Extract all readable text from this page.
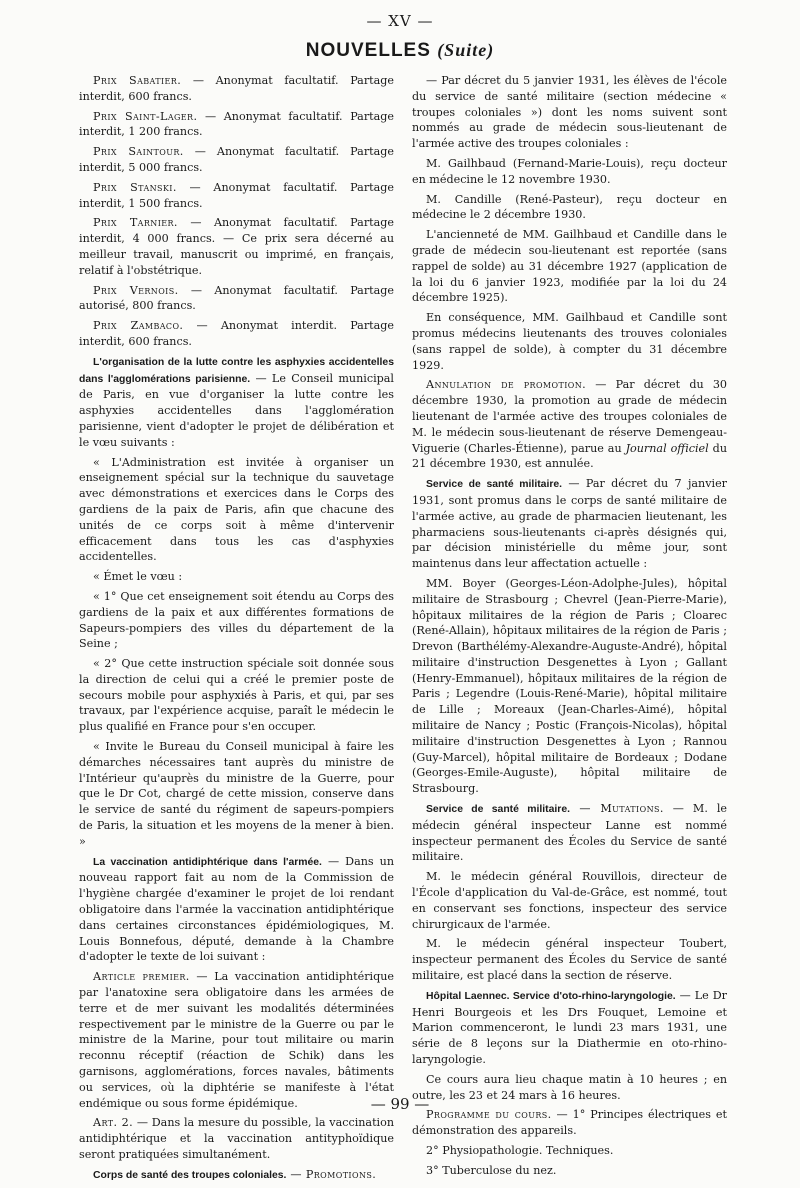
— XV —
NOUVELLES (Suite)

Prix Sabatier. — Anonymat facultatif. Partage interdit, 600 francs.

Prix Saint-Lager. — Anonymat facultatif. Partage interdit, 1 200 francs.

Prix Saintour. — Anonymat facultatif. Partage interdit, 5 000 francs.

Prix Stanski. — Anonymat facultatif. Partage interdit, 1 500 francs.

Prix Tarnier. — Anonymat facultatif. Partage interdit, 4 000 francs. — Ce prix sera décerné au meilleur travail, manuscrit ou imprimé, en français, relatif à l'obstétrique.

Prix Vernois. — Anonymat facultatif. Partage autorisé, 800 francs.

Prix Zambaco. — Anonymat interdit. Partage interdit, 600 francs.

L'organisation de la lutte contre les asphyxies accidentelles dans l'agglomérations parisienne. — Le Conseil municipal de Paris, en vue d'organiser la lutte contre les asphyxies accidentelles dans l'agglomération parisienne, vient d'adopter le projet de délibération et le vœu suivants :

« L'Administration est invitée à organiser un enseignement spécial sur la technique du sauvetage avec démonstrations et exercices dans le Corps des gardiens de la paix de Paris, afin que chacune des unités de ce corps soit à même d'intervenir efficacement dans tous les cas d'asphyxies accidentelles.

« Émet le vœu :

« 1° Que cet enseignement soit étendu au Corps des gardiens de la paix et aux différentes formations de Sapeurs-pompiers des villes du département de la Seine ;

« 2° Que cette instruction spéciale soit donnée sous la direction de celui qui a créé le premier poste de secours mobile pour asphyxiés à Paris, et qui, par ses travaux, par l'expérience acquise, paraît le médecin le plus qualifié en France pour s'en occuper.

« Invite le Bureau du Conseil municipal à faire les démarches nécessaires tant auprès du ministre de l'Intérieur qu'auprès du ministre de la Guerre, pour que le Dr Cot, chargé de cette mission, conserve dans le service de santé du régiment de sapeurs-pompiers de Paris, la situation et les moyens de la mener à bien. »

La vaccination antidiphtérique dans l'armée. — Dans un nouveau rapport fait au nom de la Commission de l'hygiène chargée d'examiner le projet de loi rendant obligatoire dans l'armée la vaccination antidiphtérique dans certaines circonstances épidémiologiques, M. Louis Bonnefous, député, demande à la Chambre d'adopter le texte de loi suivant :

Article premier. — La vaccination antidiphtérique par l'anatoxine sera obligatoire dans les armées de terre et de mer suivant les modalités déterminées respectivement par le ministre de la Guerre ou par le ministre de la Marine, pour tout militaire ou marin reconnu réceptif (réaction de Schik) dans les garnisons, agglomérations, forces navales, bâtiments ou services, où la diphtérie se manifeste à l'état endémique ou sous forme épidémique.

Art. 2. — Dans la mesure du possible, la vaccination antidiphtérique et la vaccination antityphoïdique seront pratiquées simultanément.

Corps de santé des troupes coloniales. — Promotions.

— Par décret du 5 janvier 1931, les élèves de l'école du service de santé militaire (section médecine « troupes coloniales ») dont les noms suivent sont nommés au grade de médecin sous-lieutenant de l'armée active des troupes coloniales :

M. Gailhbaud (Fernand-Marie-Louis), reçu docteur en médecine le 12 novembre 1930.

M. Candille (René-Pasteur), reçu docteur en médecine le 2 décembre 1930.

L'ancienneté de MM. Gailhbaud et Candille dans le grade de médecin sou-lieutenant est reportée (sans rappel de solde) au 31 décembre 1927 (application de la loi du 6 janvier 1923, modifiée par la loi du 24 décembre 1925).

En conséquence, MM. Gailhbaud et Candille sont promus médecins lieutenants des trouves coloniales (sans rappel de solde), à compter du 31 décembre 1929.

Annulation de promotion. — Par décret du 30 décembre 1930, la promotion au grade de médecin lieutenant de l'armée active des troupes coloniales de M. le médecin sous-lieutenant de réserve Demengeau-Viguerie (Charles-Étienne), parue au Journal officiel du 21 décembre 1930, est annulée.

Service de santé militaire. — Par décret du 7 janvier 1931, sont promus dans le corps de santé militaire de l'armée active, au grade de pharmacien lieutenant, les pharmaciens sous-lieutenants ci-après désignés qui, par décision ministérielle du même jour, sont maintenus dans leur affectation actuelle :

MM. Boyer (Georges-Léon-Adolphe-Jules), hôpital militaire de Strasbourg ; Chevrel (Jean-Pierre-Marie), hôpitaux militaires de la région de Paris ; Cloarec (René-Allain), hôpitaux militaires de la région de Paris ; Drevon (Barthélémy-Alexandre-Auguste-André), hôpital militaire d'instruction Desgenettes à Lyon ; Gallant (Henry-Emmanuel), hôpitaux militaires de la région de Paris ; Legendre (Louis-René-Marie), hôpital militaire de Lille ; Moreaux (Jean-Charles-Aimé), hôpital militaire de Nancy ; Postic (François-Nicolas), hôpital militaire d'instruction Desgenettes à Lyon ; Rannou (Guy-Marcel), hôpital militaire de Bordeaux ; Dodane (Georges-Emile-Auguste), hôpital militaire de Strasbourg.

Service de santé militaire. — Mutations. — M. le médecin général inspecteur Lanne est nommé inspecteur permanent des Écoles du Service de santé militaire.

M. le médecin général Rouvillois, directeur de l'École d'application du Val-de-Grâce, est nommé, tout en conservant ses fonctions, inspecteur des service chirurgicaux de l'armée.

M. le médecin général inspecteur Toubert, inspecteur permanent des Écoles du Service de santé militaire, est placé dans la section de réserve.

Hôpital Laennec. Service d'oto-rhino-laryngologie. — Le Dr Henri Bourgeois et les Drs Fouquet, Lemoine et Marion commenceront, le lundi 23 mars 1931, une série de 8 leçons sur la Diathermie en oto-rhino-laryngologie.

Ce cours aura lieu chaque matin à 10 heures ; en outre, les 23 et 24 mars à 16 heures.

Programme du cours. — 1° Principes électriques et démonstration des appareils.

2° Physiopathologie. Techniques.

3° Tuberculose du nez.

— 99 —
